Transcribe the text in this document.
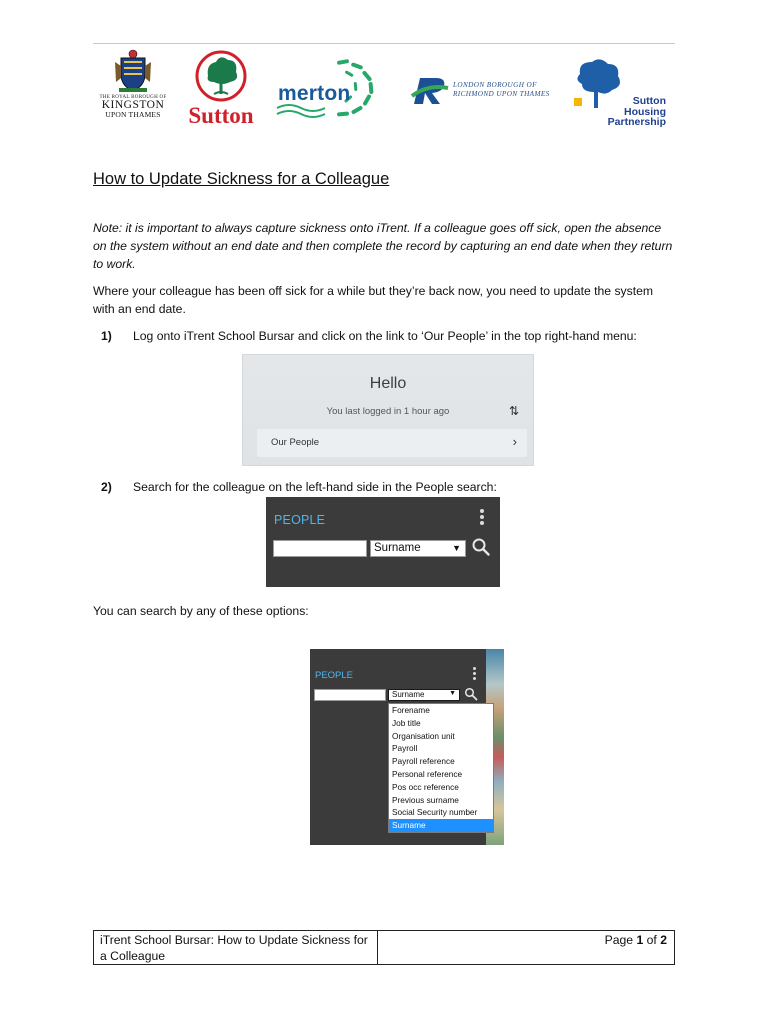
THE ROYAL BOROUGH OF
KINGSTON
UPON THAMES	Sutton
merton	LONDON BOROUGH OF
RICHMOND UPON THAMES
Sutton
Housing
Partnership
How to Update Sickness for a Colleague
Note: it is important to always capture sickness onto iTrent. If a colleague goes off sick, open the absence on the system without an end date and then complete the record by capturing an end date when they return to work.
Where your colleague has been off sick for a while but they’re back now, you need to update the system with an end date.
1) Log onto iTrent School Bursar and click on the link to ‘Our People’ in the top right-hand menu:
Hello
You last logged in 1 hour ago	⇅
Our People	›
2) Search for the colleague on the left-hand side in the People search:
PEOPLE
Surname	▼
You can search by any of these options:
PEOPLE
Surname	▼
Forename
Job title
Organisation unit
Payroll
Payroll reference
Personal reference
Pos occ reference
Previous surname
Social Security number
Surname
iTrent School Bursar: How to Update Sickness for a Colleague
Page 1 of 2
